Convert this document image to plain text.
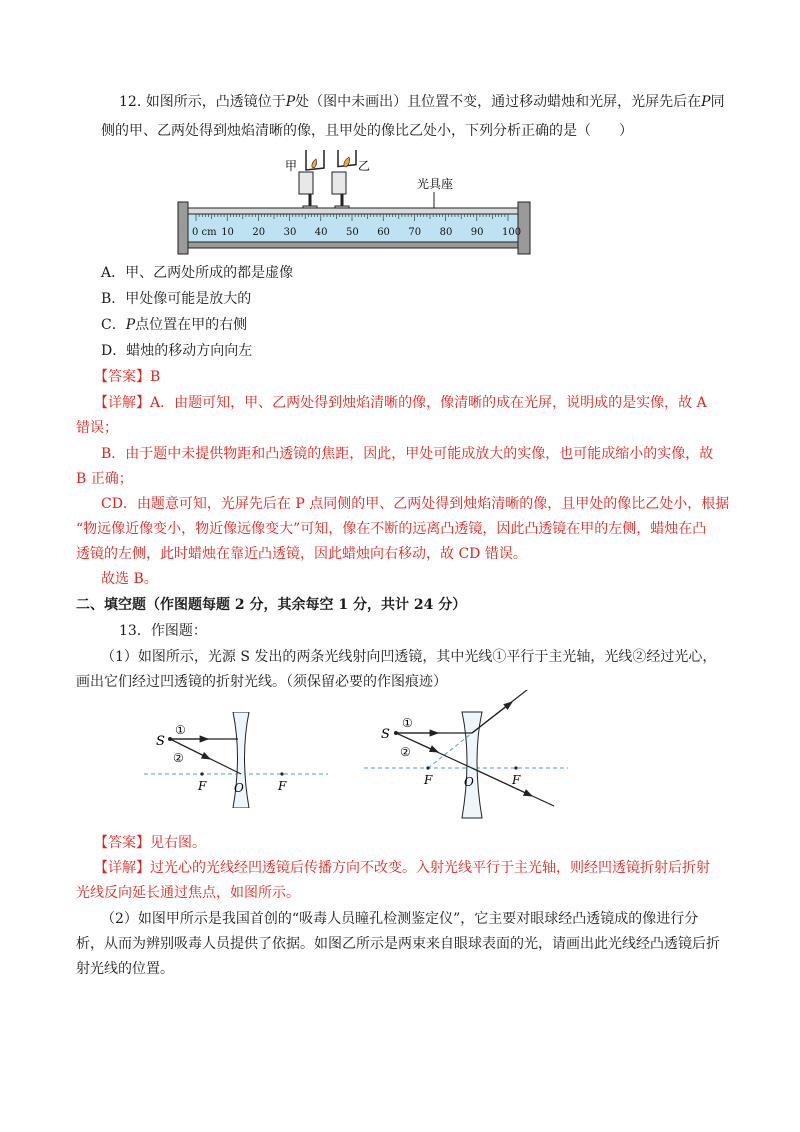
12. 如图所示，凸透镜位于P处（图中未画出）且位置不变，通过移动蜡烛和光屏，光屏先后在P同
侧的甲、乙两处得到烛焰清晰的像，且甲处的像比乙处小，下列分析正确的是（　　）
甲	乙
光具座
0 cm 10 20 30 40 50 60 70 80 90 100
A．甲、乙两处所成的都是虚像
B．甲处像可能是放大的
C．P点位置在甲的右侧
D．蜡烛的移动方向向左
【答案】B
【详解】A．由题可知，甲、乙两处得到烛焰清晰的像，像清晰的成在光屏，说明成的是实像，故 A
错误；
B．由于题中未提供物距和凸透镜的焦距，因此，甲处可能成放大的实像，也可能成缩小的实像，故
B 正确；
CD．由题意可知，光屏先后在 P 点同侧的甲、乙两处得到烛焰清晰的像，且甲处的像比乙处小，根据
“物远像近像变小，物近像远像变大”可知，像在不断的远离凸透镜，因此凸透镜在甲的左侧，蜡烛在凸
透镜的左侧，此时蜡烛在靠近凸透镜，因此蜡烛向右移动，故 CD 错误。
故选 B。
二、填空题（作图题每题 2 分，其余每空 1 分，共计 24 分）
13．作图题：
（1）如图所示，光源 S 发出的两条光线射向凹透镜，其中光线①平行于主光轴，光线②经过光心，
画出它们经过凹透镜的折射光线。（须保留必要的作图痕迹）
S
①
②
F O	F
S
①
②
F	O	F
【答案】见右图。
【详解】过光心的光线经凹透镜后传播方向不改变。入射光线平行于主光轴，则经凹透镜折射后折射
光线反向延长通过焦点，如图所示。
（2）如图甲所示是我国首创的“吸毒人员瞳孔检测鉴定仪”，它主要对眼球经凸透镜成的像进行分
析，从而为辨别吸毒人员提供了依据。如图乙所示是两束来自眼球表面的光，请画出此光线经凸透镜后折
射光线的位置。
